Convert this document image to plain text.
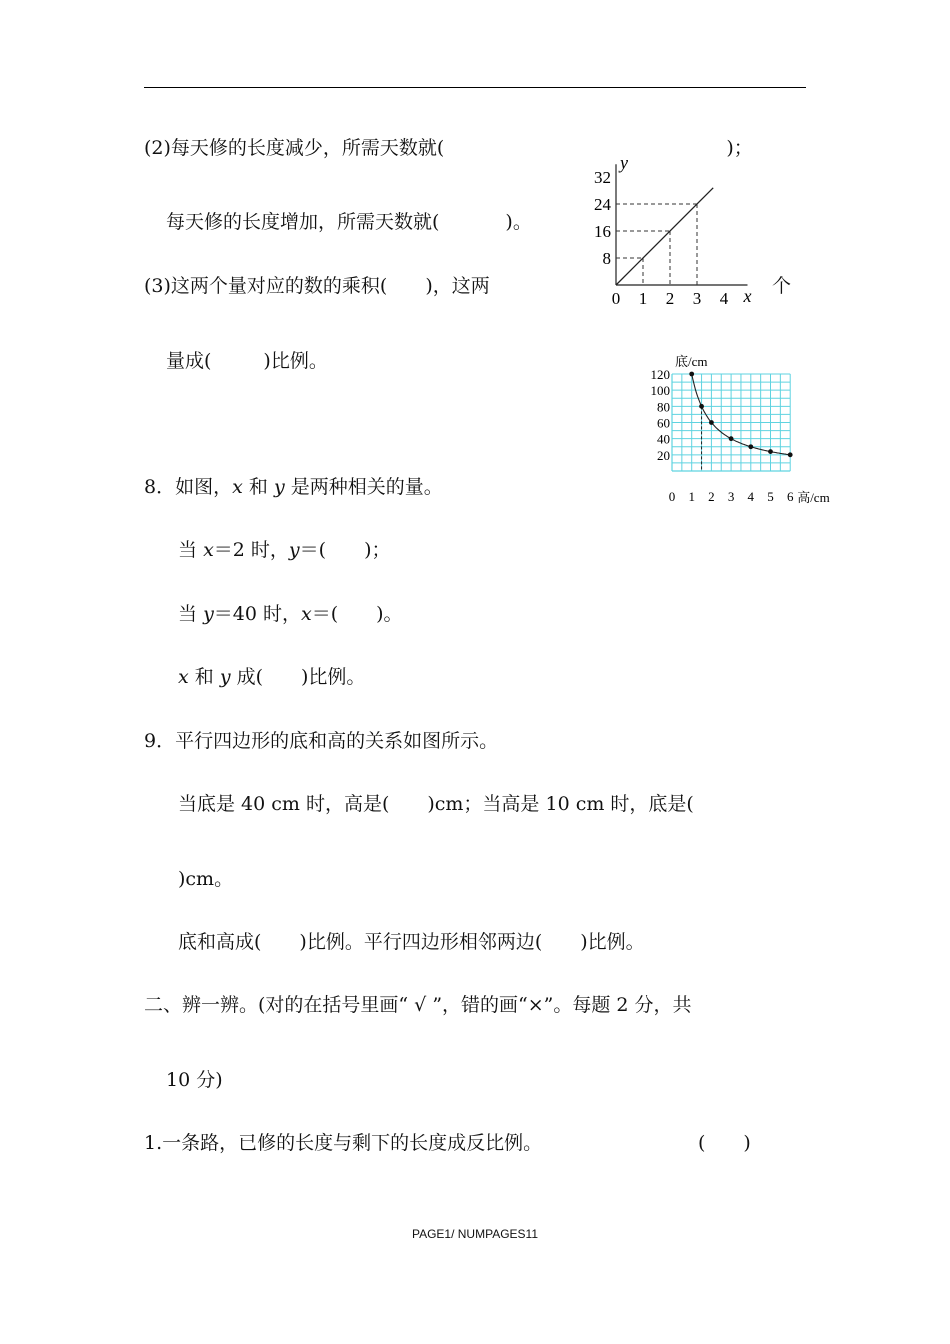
(2)每天修的长度减少，所需天数就(	)；
每天修的长度增加，所需天数就(	)。
(3)这两个量对应的数的乘积(　　)，这两	个
量成(	)比例。
8．如图，x 和 y 是两种相关的量。
当 x＝2 时，y＝(　　)；
当 y＝40 时，x＝(　　)。
x 和 y 成(　　)比例。
9．平行四边形的底和高的关系如图所示。
当底是 40 cm 时，高是(　　)cm；当高是 10 cm 时，底是(
)cm。
底和高成(　　)比例。平行四边形相邻两边(　　)比例。
二、辨一辨。(对的在括号里画“ √ ”，错的画“×”。每题 2 分，共
10 分)
1.一条路，已修的长度与剩下的长度成反比例。	(　　)
y
x
0 1 2 3 4
8
16
24
32
底/cm
高/cm
0 1 2 3 4 5 6
20
40
60
80
100
120
PAGE1/ NUMPAGES11
